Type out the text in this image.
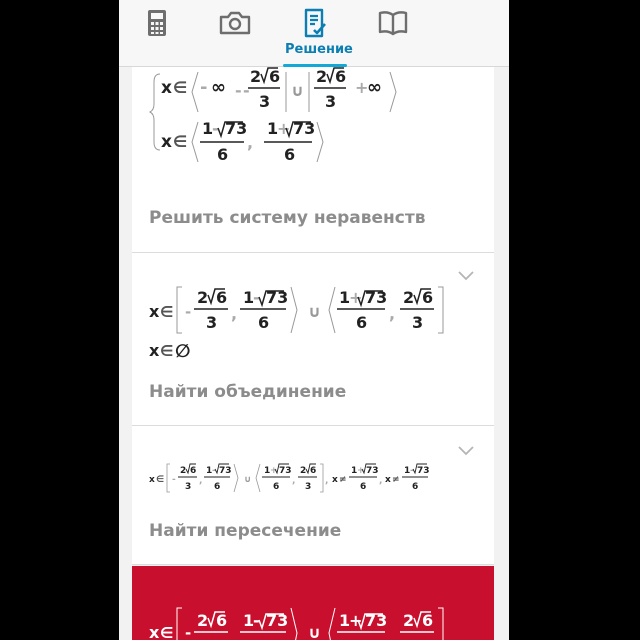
Решение
x ∈ - ∞ - -
2 6
3
∪
2 6
3
+
∞
x ∈
1
- 73
6
,
1
+ 73
6
Решить систему неравенств
x ∈ -
2 6
3 ,
1
- 73
6
∪
1
+ 73
6 ,
2 6
3
x ∈ ∅
Найти объединение
x ∈ -
2 6
3
,
1 - 73
6
∪
1 + 73
6
,
2 6
3
, x ≠
1 + 73
6
, x ≠
1 - 73
6
Найти пересечение
x ∈ -
2 6 1
- 73
∪
1
+ 73 2 6
